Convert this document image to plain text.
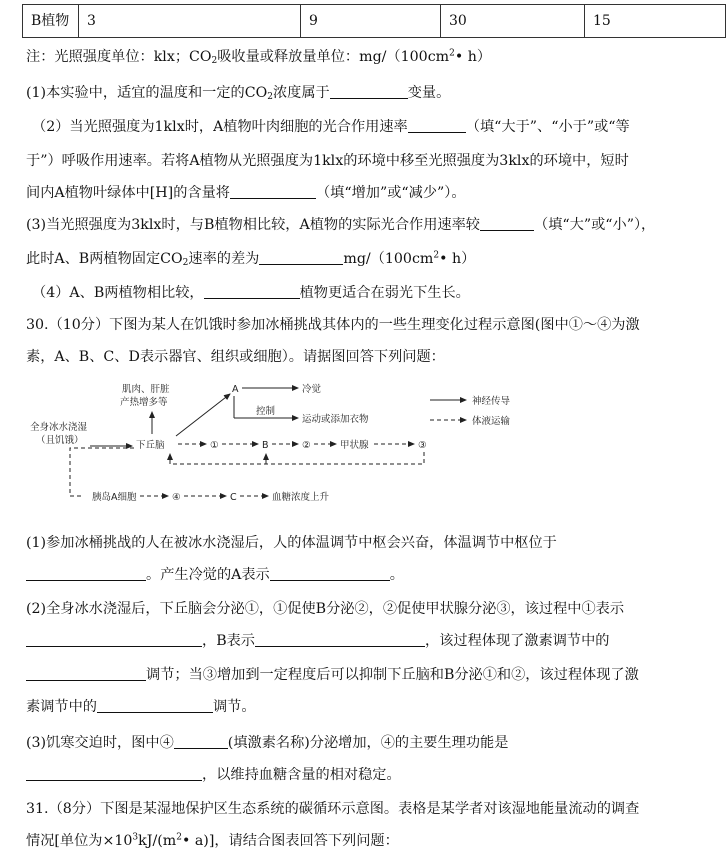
B植物	3	9	30	15
注：光照强度单位：klx；$CO_2$吸收量或释放量单位：$mg/(100cm^2•$ h）
(1)本实验中，适宜的温度和一定的$CO_2$浓度属于	变量。
（2）当光照强度为1klx时，A植物叶肉细胞的光合作用速率	（填“大于”、“小于”或“等
于”）呼吸作用速率。若将A植物从光照强度为1klx的环境中移至光照强度为3klx的环境中，短时
间内A植物叶绿体中[H]的含量将	（填“增加”或“减少”）。
(3)当光照强度为3klx时，与B植物相比较，A植物的实际光合作用速率较	（填“大”或“小”），
此时A、B两植物固定$CO_2$速率的差为	$mg/(100cm^2•$ h）
（4）A、B两植物相比较，	植物更适合在弱光下生长。
30.（10分）下图为某人在饥饿时参加冰桶挑战其体内的一些生理变化过程示意图(图中①～④为激
素，A、B、C、D表示器官、组织或细胞）。请据图回答下列问题：
全身冰水浇湿
（且饥饿）
肌肉、肝脏
产热增多等
下丘脑
A	冷觉
控制
运动或添加衣物
①	B	②	甲状腺	③
胰岛A细胞	④	C	血糖浓度上升
神经传导
体液运输
(1)参加冰桶挑战的人在被冰水浇湿后，人的体温调节中枢会兴奋，体温调节中枢位于
。产生冷觉的A表示	。
(2)全身冰水浇湿后，下丘脑会分泌①，①促使B分泌②，②促使甲状腺分泌③，该过程中①表示
，B表示	，该过程体现了激素调节中的
调节；当③增加到一定程度后可以抑制下丘脑和B分泌①和②，该过程体现了激
素调节中的	调节。
(3)饥寒交迫时，图中④	(填激素名称)分泌增加，④的主要生理功能是
，以维持血糖含量的相对稳定。
31.（8分）下图是某湿地保护区生态系统的碳循环示意图。表格是某学者对该湿地能量流动的调查
情况[单位为$\times 10^3kJ/(m^2•$ a)]，请结合图表回答下列问题：
